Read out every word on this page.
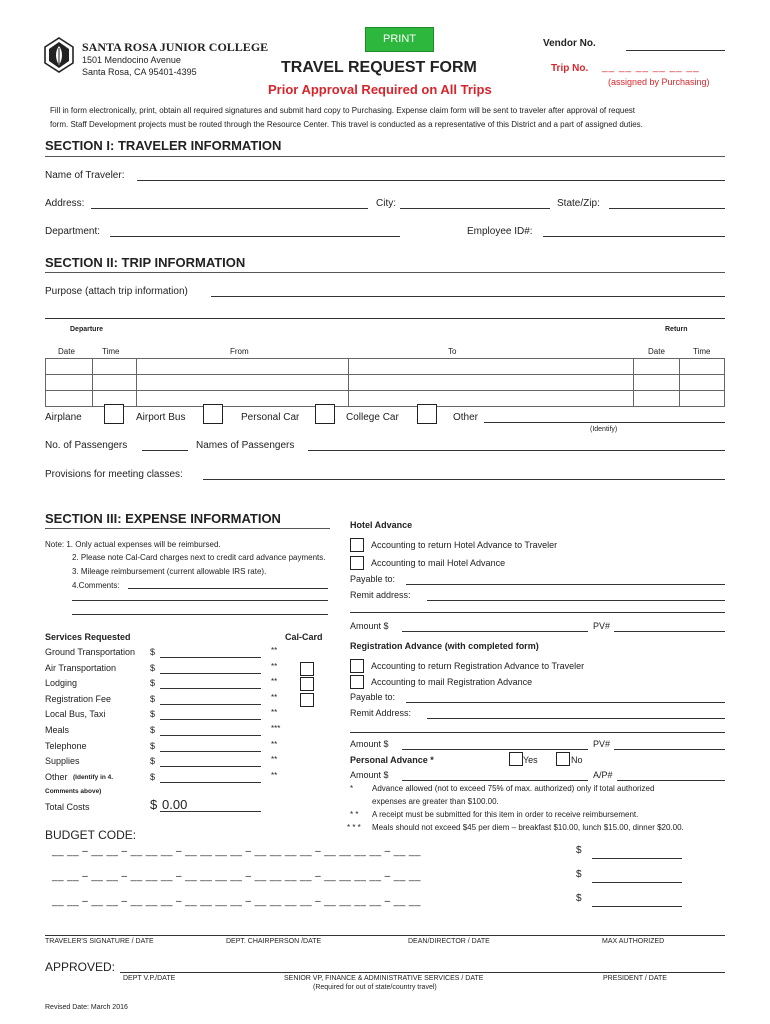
SANTA ROSA JUNIOR COLLEGE
1501 Mendocino Avenue
Santa Rosa, CA 95401-4395
PRINT
TRAVEL REQUEST FORM
Prior Approval Required on All Trips
Vendor No.
Trip No. __ __ __ __ __ __
(assigned by Purchasing)
Fill in form electronically, print, obtain all required signatures and submit hard copy to Purchasing. Expense claim form will be sent to traveler after approval of request
form. Staff Development projects must be routed through the Resource Center. This travel is conducted as a representative of this District and a part of assigned duties.
SECTION I: TRAVELER INFORMATION
Name of Traveler:
Address:	City:	State/Zip:
Department:	Employee ID#:
SECTION II: TRIP INFORMATION
Purpose (attach trip information)
Departure	Return
Date	Time	From	To	Date	Time

Airplane	Airport Bus	Personal Car	College Car	Other
(Identify)
No. of Passengers	Names of Passengers
Provisions for meeting classes:
SECTION III: EXPENSE INFORMATION
Note: 1. Only actual expenses will be reimbursed.
2. Please note Cal-Card charges next to credit card advance payments.
3. Mileage reimbursement (current allowable IRS rate).
4.Comments:
Services Requested	Cal-Card
Ground Transportation $	**
Air Transportation	$	**
Lodging	$	**
Registration Fee	$	**
Local Bus, Taxi	$	**
Meals	$	***
Telephone	$	**
Supplies	$	**
Other	$	**
(Identify in 4.
Comments above)
Total Costs	$ 0.00
Hotel Advance
Accounting to return Hotel Advance to Traveler
Accounting to mail Hotel Advance
Payable to:
Remit address:
Amount $	PV#
Registration Advance (with completed form)
Accounting to return Registration Advance to Traveler
Accounting to mail Registration Advance
Payable to:
Remit Address:
Amount $	PV#
Personal Advance *	Yes	No
Amount $	A/P#
* Advance allowed (not to exceed 75% of max. authorized) only if total authorized
expenses are greater than $100.00.
* * A receipt must be submitted for this item in order to receive reimbursement.
* * * Meals should not exceed $45 per diem – breakfast $10.00, lunch $15.00, dinner $20.00.
BUDGET CODE:
__ __ – __ __ – __ __ __ – __ __ __ __ – __ __ __ __ – __ __ __ __ – __ __	$
__ __ – __ __ – __ __ __ – __ __ __ __ – __ __ __ __ – __ __ __ __ – __ __	$
__ __ – __ __ – __ __ __ – __ __ __ __ – __ __ __ __ – __ __ __ __ – __ __	$
TRAVELER'S SIGNATURE / DATE	DEPT. CHAIRPERSON /DATE	DEAN/DIRECTOR / DATE	MAX AUTHORIZED
APPROVED:
DEPT V.P./DATE	SENIOR VP, FINANCE & ADMINISTRATIVE SERVICES / DATE
(Required for out of state/country travel)
PRESIDENT / DATE
Revised Date: March 2016
